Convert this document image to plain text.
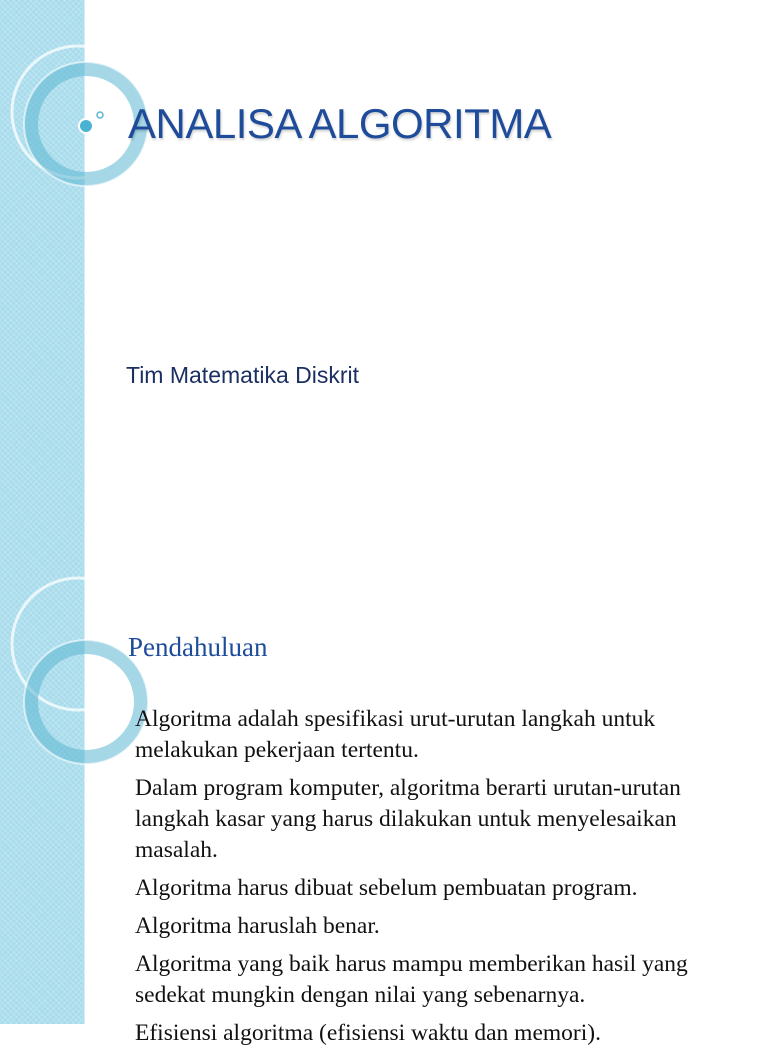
ANALISA ALGORITMA

Tim Matematika Diskrit

Pendahuluan
Algoritma adalah spesifikasi urut-urutan langkah untuk melakukan pekerjaan tertentu.
Dalam program komputer, algoritma berarti urutan-urutan langkah kasar yang harus dilakukan untuk menyelesaikan masalah.
Algoritma harus dibuat sebelum pembuatan program.
Algoritma haruslah benar.
Algoritma yang baik harus mampu memberikan hasil yang sedekat mungkin dengan nilai yang sebenarnya.
Efisiensi algoritma (efisiensi waktu dan memori).
